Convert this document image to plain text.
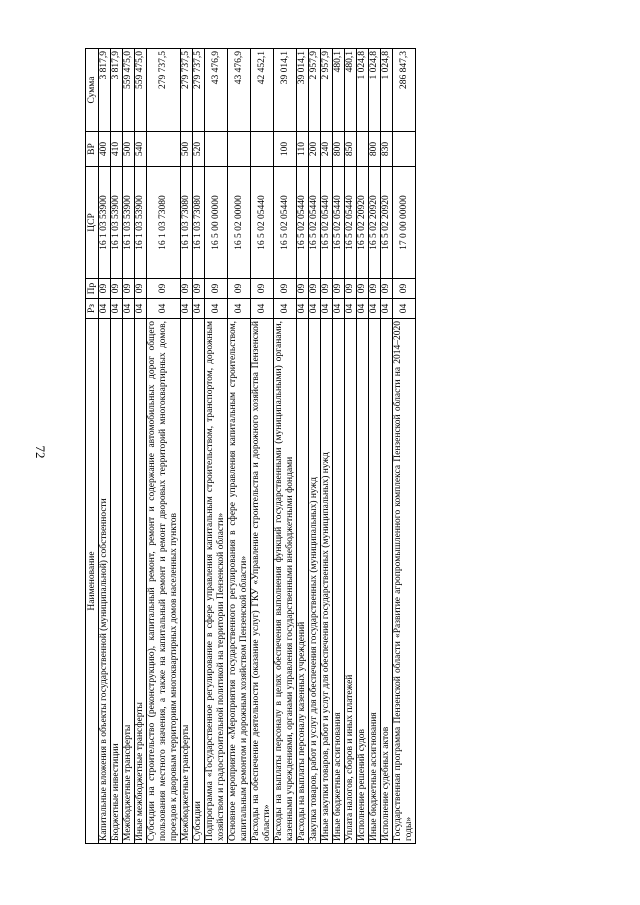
72
Наименование	Рз	Пр	ЦСР	ВР	Сумма
Капитальные вложения в объекты государственной (муниципальной) собственности	04	09	16 1 03 53900	400	3 817,9
Бюджетные инвестиции	04	09	16 1 03 53900	410	3 817,9
Межбюджетные трансферты	04	09	16 1 03 53900	500	559 475,0
Иные межбюджетные трансферты	04	09	16 1 03 53900	540	559 475,0
Субсидии на строительство (реконструкцию), капитальный ремонт, ремонт и содержание автомобильных дорог общего пользования местного значения, а также на капитальный ремонт и ремонт дворовых территорий многоквартирных домов, проездов к дворовым территориям многоквартирных домов населенных пунктов	04	09	16 1 03 73080		279 737,5
Межбюджетные трансферты	04	09	16 1 03 73080	500	279 737,5
Субсидии	04	09	16 1 03 73080	520	279 737,5
Подпрограмма «Государственное регулирование в сфере управления капитальным строительством, транспортом, дорожным хозяйством и градостроительной политикой на территории Пензенской области»	04	09	16 5 00 00000		43 476,9
Основное мероприятие «Мероприятия государственного регулирования в сфере управления капитальным строительством, капитальным ремонтом и дорожным хозяйством Пензенской области»	04	09	16 5 02 00000		43 476,9
Расходы на обеспечение деятельности (оказание услуг) ГКУ «Управление строительства и дорожного хозяйства Пензенской области»	04	09	16 5 02 05440		42 452,1
Расходы на выплаты персоналу в целях обеспечения выполнения функций государственными (муниципальными) органами, казенными учреждениями, органами управления государственными внебюджетными фондами	04	09	16 5 02 05440	100	39 014,1
Расходы на выплаты персоналу казенных учреждений	04	09	16 5 02 05440	110	39 014,1
Закупка товаров, работ и услуг для обеспечения государственных (муниципальных) нужд	04	09	16 5 02 05440	200	2 957,9
Иные закупки товаров, работ и услуг для обеспечения государственных (муниципальных) нужд	04	09	16 5 02 05440	240	2 957,9
Иные бюджетные ассигнования	04	09	16 5 02 05440	800	480,1
Уплата налогов, сборов и иных платежей	04	09	16 5 02 05440	850	480,1
Исполнение решений судов	04	09	16 5 02 20920		1 024,8
Иные бюджетные ассигнования	04	09	16 5 02 20920	800	1 024,8
Исполнение судебных актов	04	09	16 5 02 20920	830	1 024,8
Государственная программа Пензенской области «Развитие агропромышленного комплекса Пензенской области на 2014–2020 годы»	04	09	17 0 00 00000		286 847,3
